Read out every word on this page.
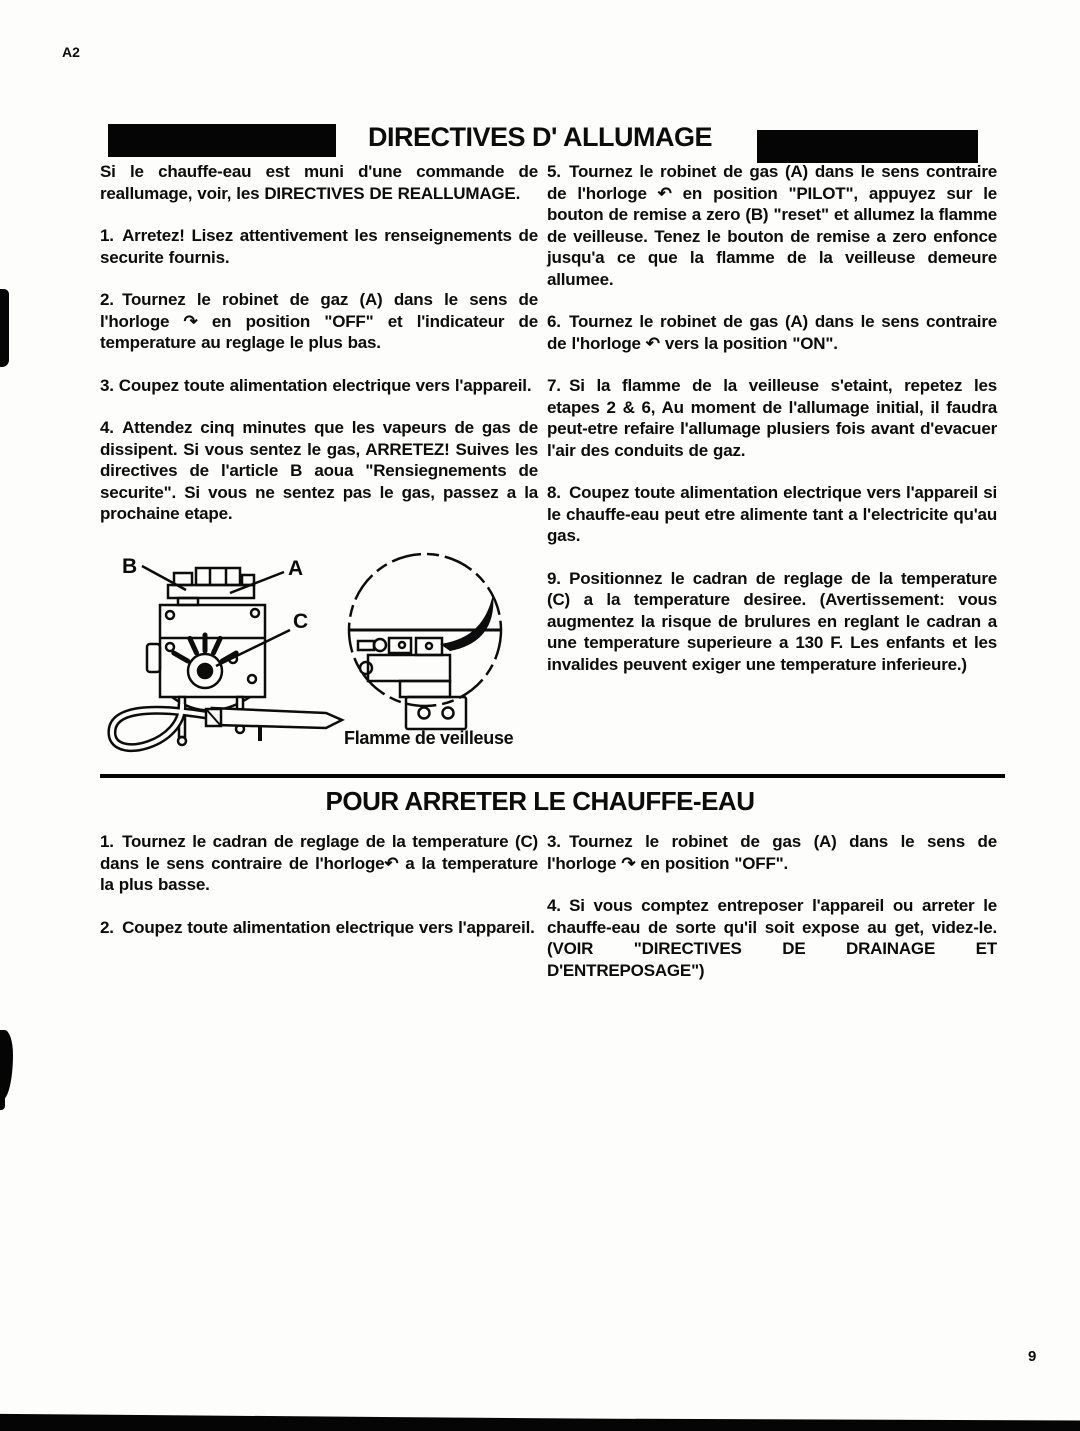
A2
DIRECTIVES D' ALLUMAGE

Si le chauffe-eau est muni d'une commande de reallumage, voir, les DIRECTIVES DE REALLUMAGE.

1. Arretez! Lisez attentivement les renseignements de securite fournis.

2. Tournez le robinet de gaz (A) dans le sens de l'horloge ↷ en position "OFF" et l'indicateur de temperature au reglage le plus bas.

3. Coupez toute alimentation electrique vers l'appareil.

4. Attendez cinq minutes que les vapeurs de gas de dissipent. Si vous sentez le gas, ARRETEZ! Suives les directives de l'article B aoua "Rensiegnements de securite". Si vous ne sentez pas le gas, passez a la prochaine etape.

B	A
C
Flamme de veilleuse

5. Tournez le robinet de gas (A) dans le sens contraire de l'horloge ↶ en position "PILOT", appuyez sur le bouton de remise a zero (B) "reset" et allumez la flamme de veilleuse. Tenez le bouton de remise a zero enfonce jusqu'a ce que la flamme de la veilleuse demeure allumee.

6. Tournez le robinet de gas (A) dans le sens contraire de l'horloge ↶ vers la position "ON".

7. Si la flamme de la veilleuse s'etaint, repetez les etapes 2 & 6, Au moment de l'allumage initial, il faudra peut-etre refaire l'allumage plusiers fois avant d'evacuer l'air des conduits de gaz.

8. Coupez toute alimentation electrique vers l'appareil si le chauffe-eau peut etre alimente tant a l'electricite qu'au gas.

9. Positionnez le cadran de reglage de la temperature (C) a la temperature desiree. (Avertissement: vous augmentez la risque de brulures en reglant le cadran a une temperature superieure a 130 F. Les enfants et les invalides peuvent exiger une temperature inferieure.)

POUR ARRETER LE CHAUFFE-EAU

1. Tournez le cadran de reglage de la temperature (C) dans le sens contraire de l'horloge↶ a la temperature la plus basse.

2. Coupez toute alimentation electrique vers l'appareil.

3. Tournez le robinet de gas (A) dans le sens de l'horloge ↷ en position "OFF".

4. Si vous comptez entreposer l'appareil ou arreter le chauffe-eau de sorte qu'il soit expose au get, videz-le. (VOIR "DIRECTIVES DE DRAINAGE ET D'ENTREPOSAGE")

9
